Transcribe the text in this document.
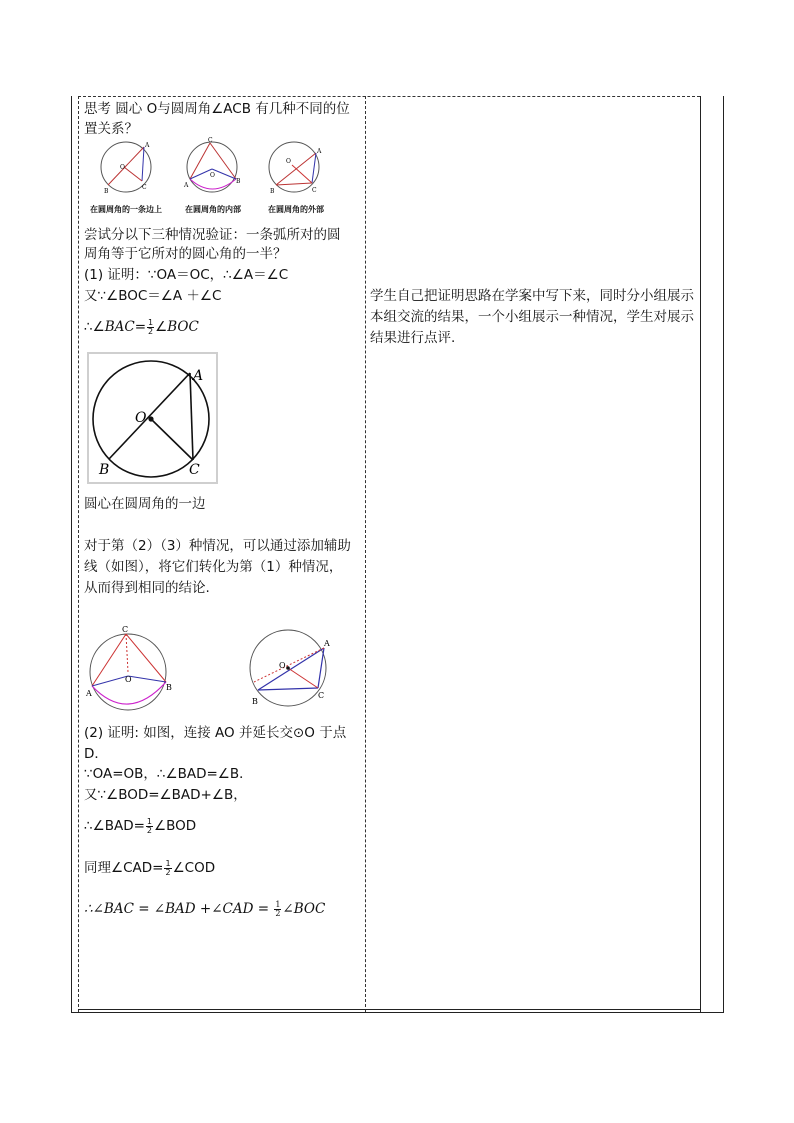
思考 圆心 O与圆周角∠ACB 有几种不同的位
置关系？
O
A
B
C
C
O
A
B
O
A
B	C
在圆周角的一条边上	在圆周角的内部	在圆周角的外部
尝试分以下三种情况验证：一条弧所对的圆
周角等于它所对的圆心角的一半？
(1) 证明：∵OA＝OC，∴∠A＝∠C
又∵∠BOC＝∠A ＋∠C
∴∠BAC= $\frac{1}{2}$ ∠BOC
O
A
B	C
圆心在圆周角的一边
对于第（2）（3）种情况，可以通过添加辅助
线（如图），将它们转化为第（1）种情况，
从而得到相同的结论.
C
O
A
B
O
A
B
C
(2) 证明: 如图，连接 AO 并延长交⊙O 于点
D．
∵OA=OB，∴∠BAD=∠B．
又∵∠BOD=∠BAD+∠B，
∴∠BAD= $\frac{1}{2}$ ∠BOD
同理∠CAD= $\frac{1}{2}$ ∠COD
∴∠BAC = ∠BAD +∠CAD = $\frac{1}{2}$ ∠BOC
学生自己把证明思路在学案中写下来，同时分小组展示本组交流的结果，一个小组展示一种情况，学生对展示结果进行点评.
